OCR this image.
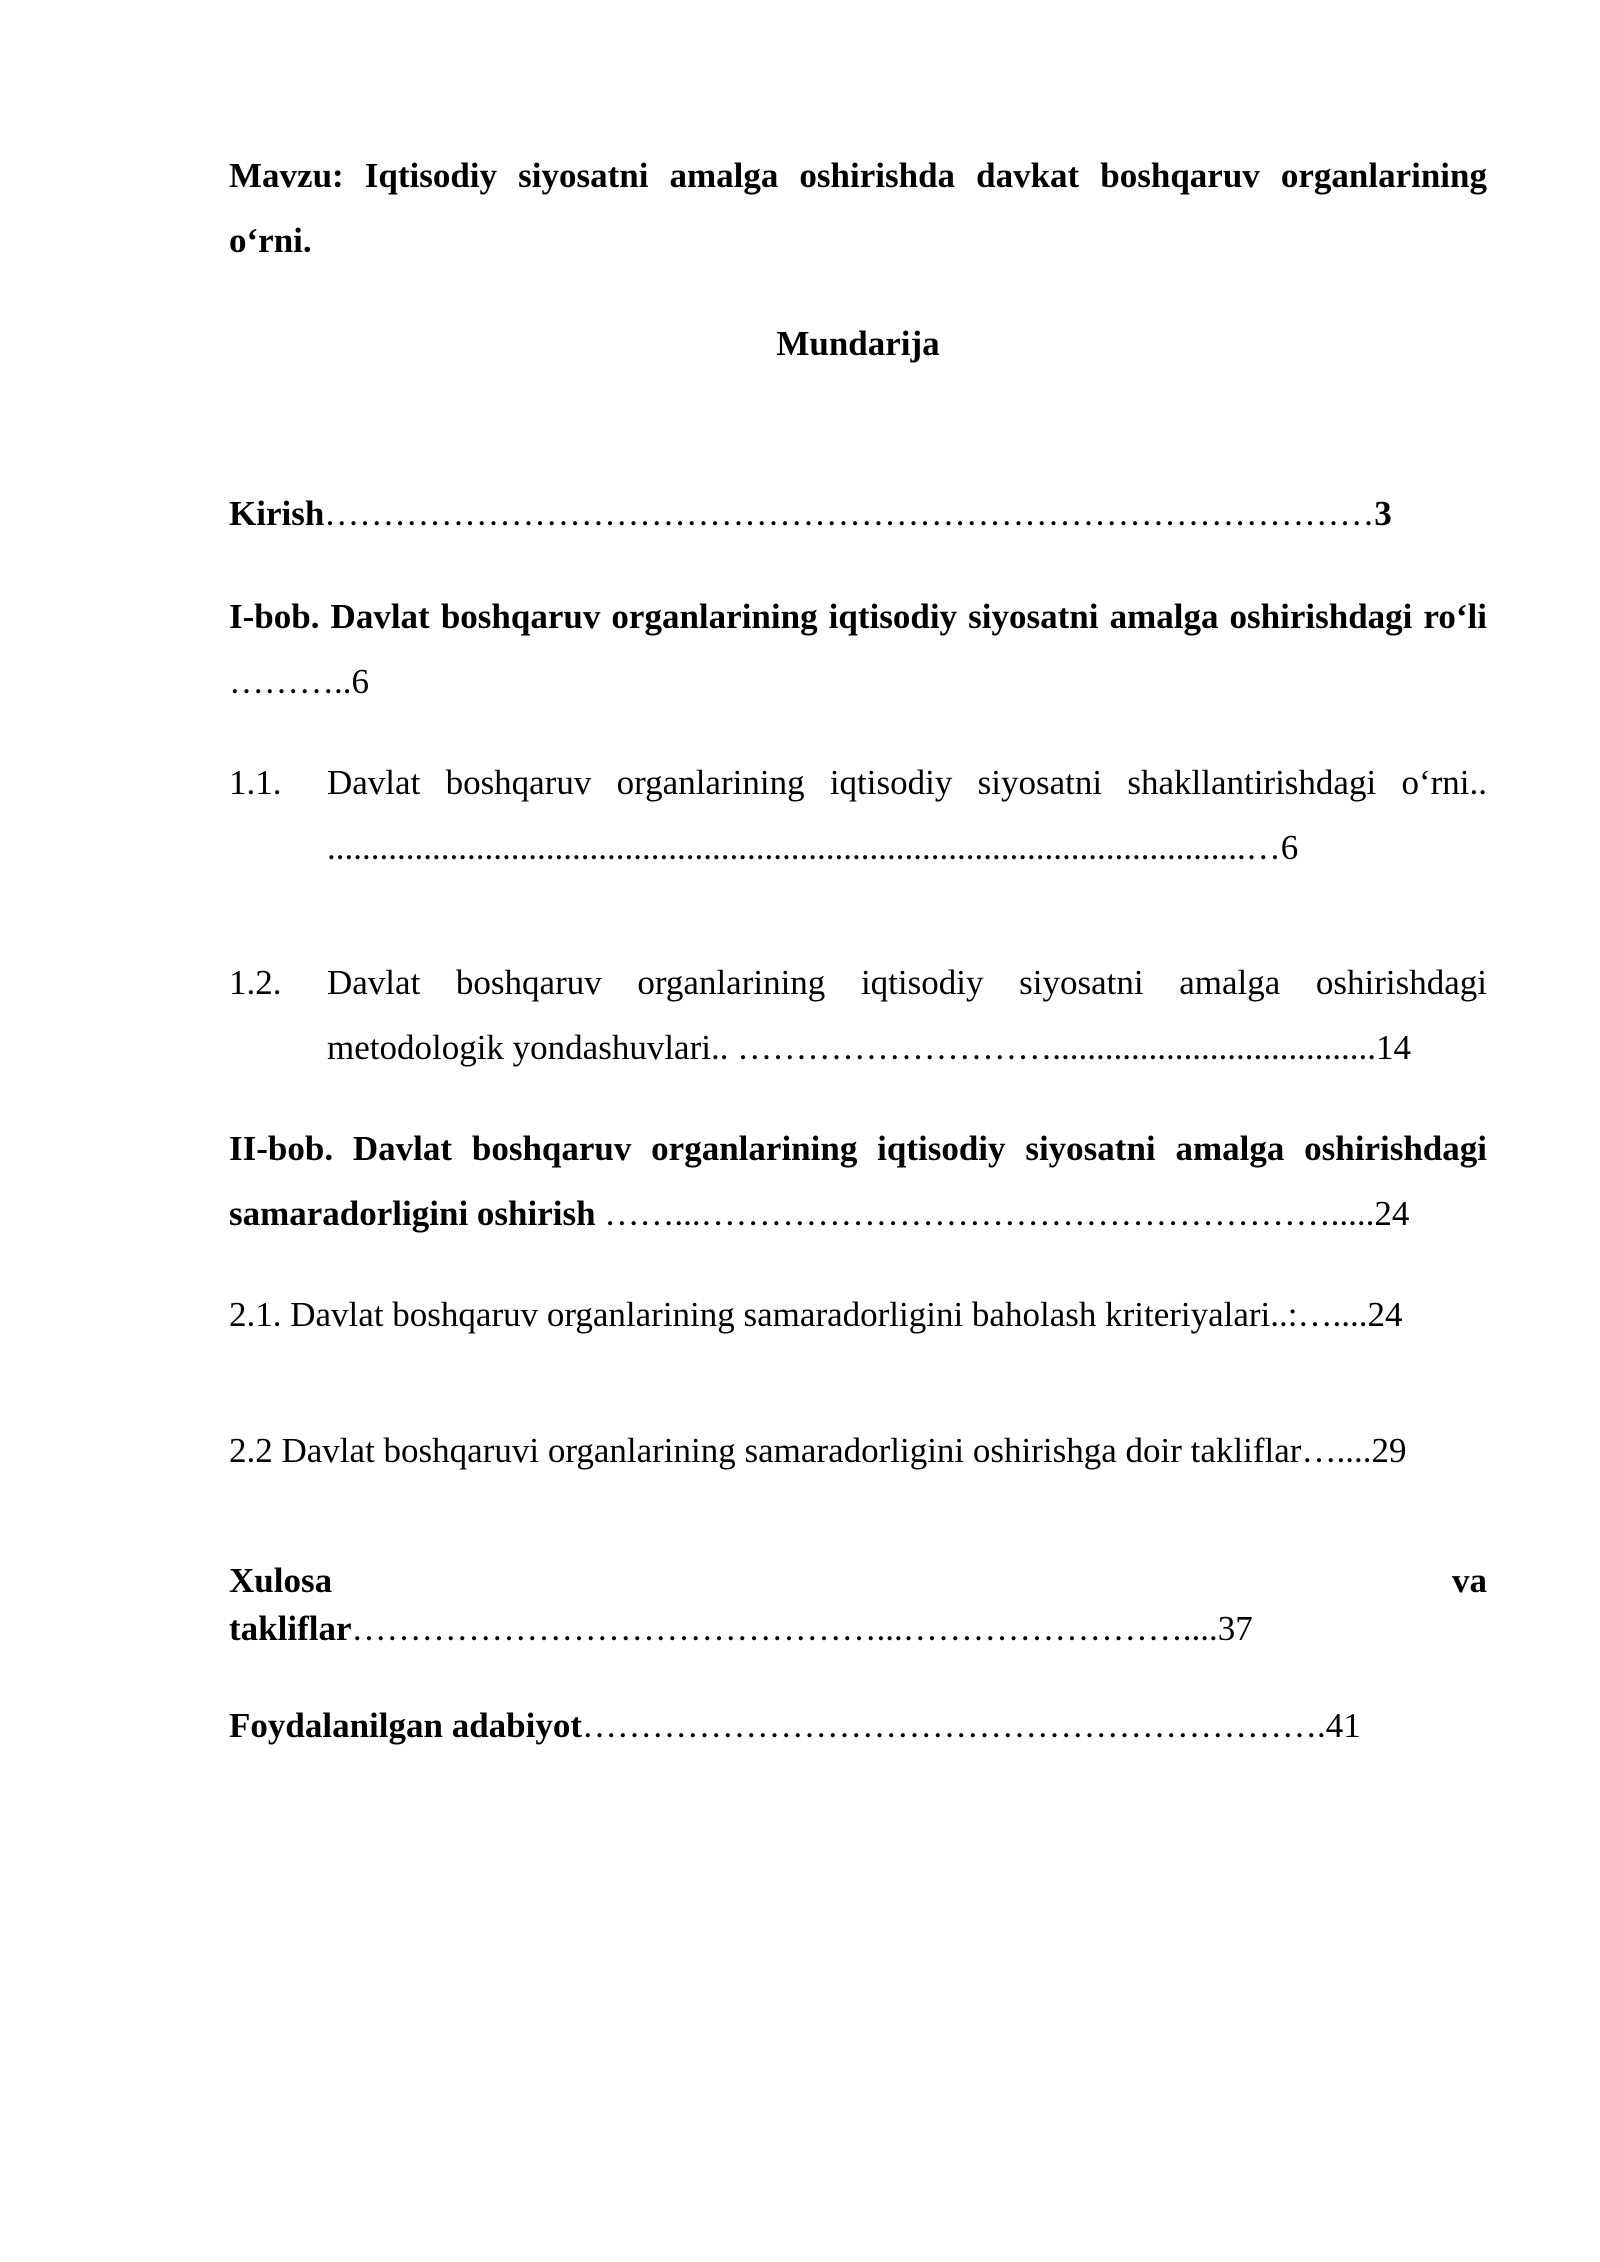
Mavzu: Iqtisodiy siyosatni amalga oshirishda davkat boshqaruv organlarining o‘rni.
Mundarija
Kirish………………………………………………………………………………3
I-bob. Davlat boshqaruv organlarining iqtisodiy siyosatni amalga oshirishdagi ro‘li ………..6
1.1. Davlat boshqaruv organlarining iqtisodiy siyosatni shakllantirishdagi o‘rni.. .........................................................................................................…6
1.2. Davlat boshqaruv organlarining iqtisodiy siyosatni amalga oshirishdagi metodologik yondashuvlari.. ……………………….....................................14
II-bob. Davlat boshqaruv organlarining iqtisodiy siyosatni amalga oshirishdagi samaradorligini oshirish ……...……………………………………………….....24
2.1. Davlat boshqaruv organlarining samaradorligini baholash kriteriyalari..:…....24
2.2 Davlat boshqaruvi organlarining samaradorligini oshirishga doir takliflar…....29
Xulosa	va
takliflar………………………………………...……………………....37
Foydalanilgan adabiyot……………………………………………………….41
